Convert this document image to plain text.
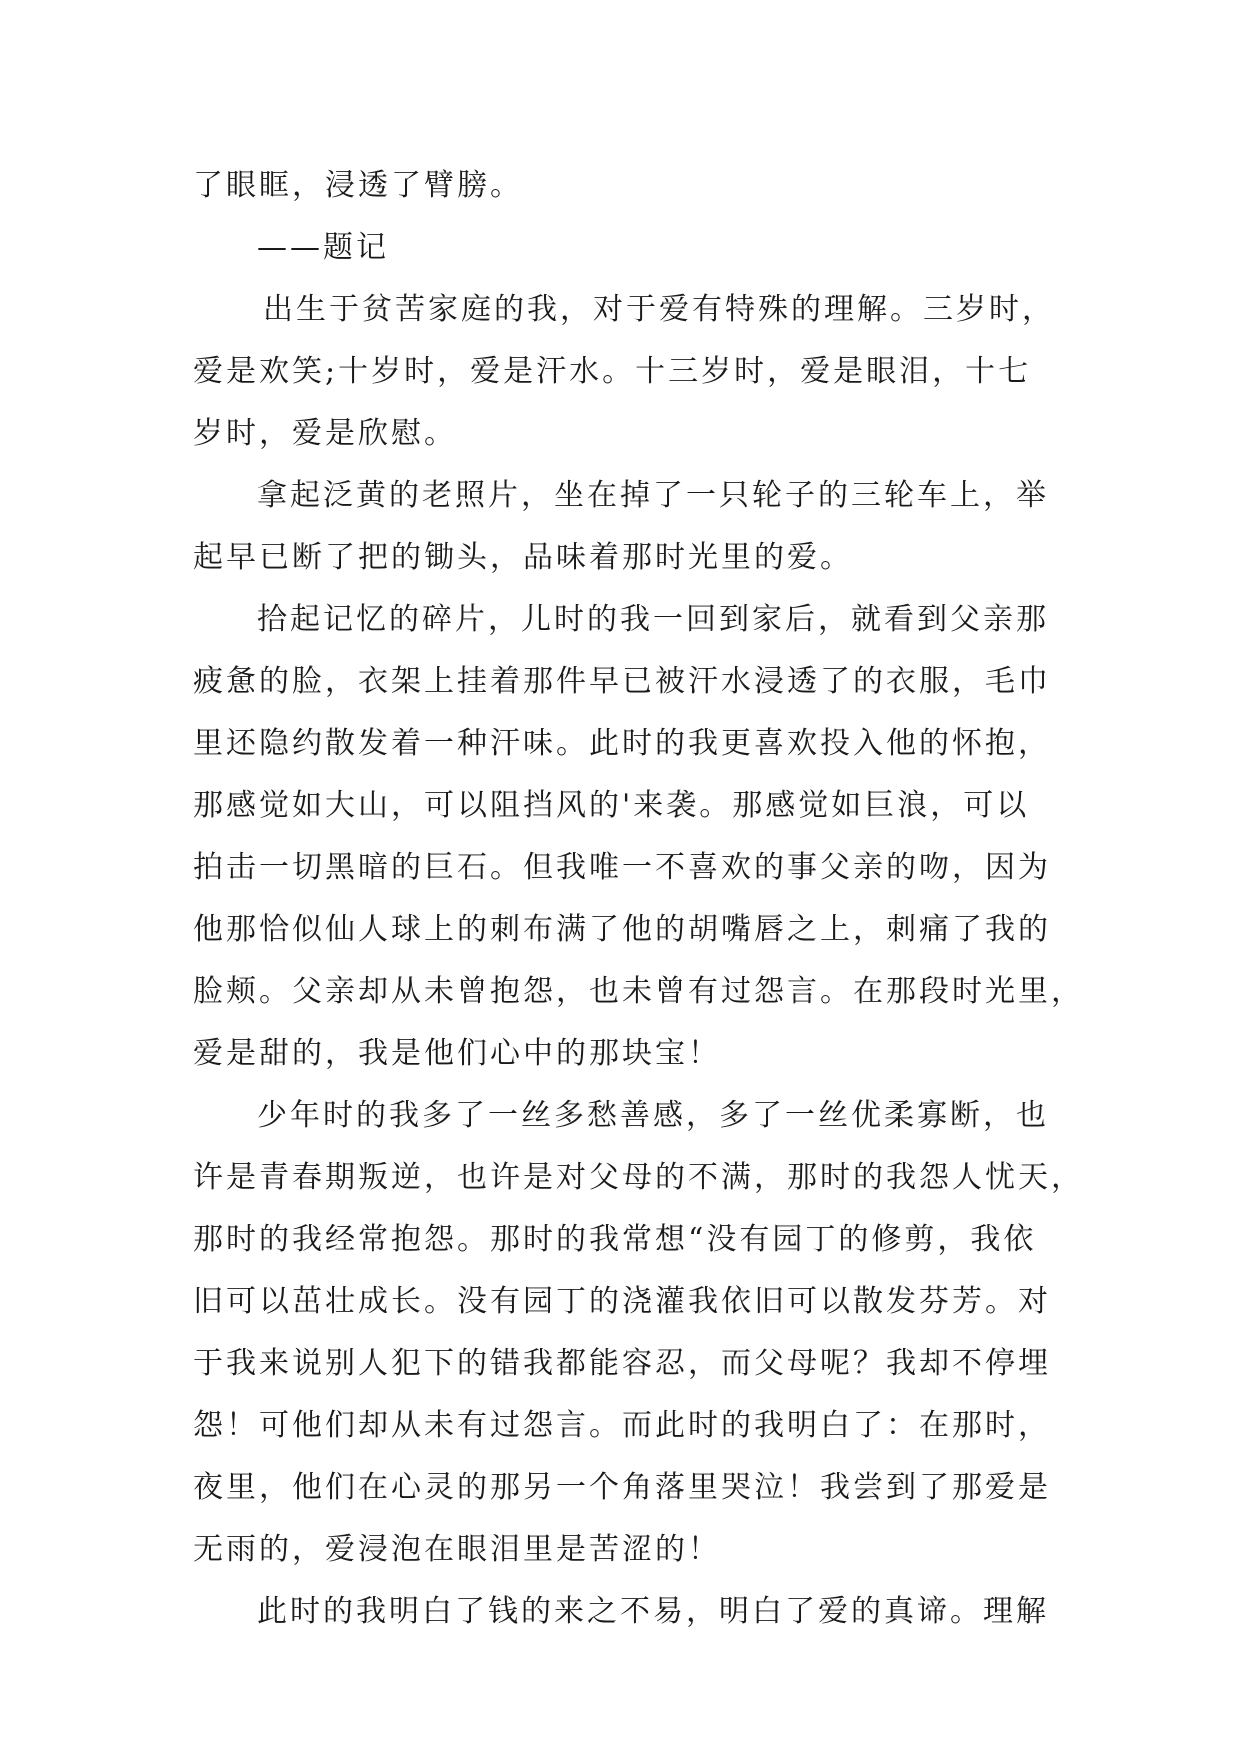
了眼眶，浸透了臂膀。
——题记
出生于贫苦家庭的我，对于爱有特殊的理解。三岁时，
爱是欢笑;十岁时，爱是汗水。十三岁时，爱是眼泪，十七
岁时，爱是欣慰。
拿起泛黄的老照片，坐在掉了一只轮子的三轮车上，举
起早已断了把的锄头，品味着那时光里的爱。
拾起记忆的碎片，儿时的我一回到家后，就看到父亲那
疲惫的脸，衣架上挂着那件早已被汗水浸透了的衣服，毛巾
里还隐约散发着一种汗味。此时的我更喜欢投入他的怀抱，
那感觉如大山，可以阻挡风的'来袭。那感觉如巨浪，可以
拍击一切黑暗的巨石。但我唯一不喜欢的事父亲的吻，因为
他那恰似仙人球上的刺布满了他的胡嘴唇之上，刺痛了我的
脸颊。父亲却从未曾抱怨，也未曾有过怨言。在那段时光里，
爱是甜的，我是他们心中的那块宝！
少年时的我多了一丝多愁善感，多了一丝优柔寡断，也
许是青春期叛逆，也许是对父母的不满，那时的我怨人忧天，
那时的我经常抱怨。那时的我常想“没有园丁的修剪，我依
旧可以茁壮成长。没有园丁的浇灌我依旧可以散发芬芳。对
于我来说别人犯下的错我都能容忍，而父母呢？我却不停埋
怨！可他们却从未有过怨言。而此时的我明白了：在那时，
夜里，他们在心灵的那另一个角落里哭泣！我尝到了那爱是
无雨的，爱浸泡在眼泪里是苦涩的！
此时的我明白了钱的来之不易，明白了爱的真谛。理解
